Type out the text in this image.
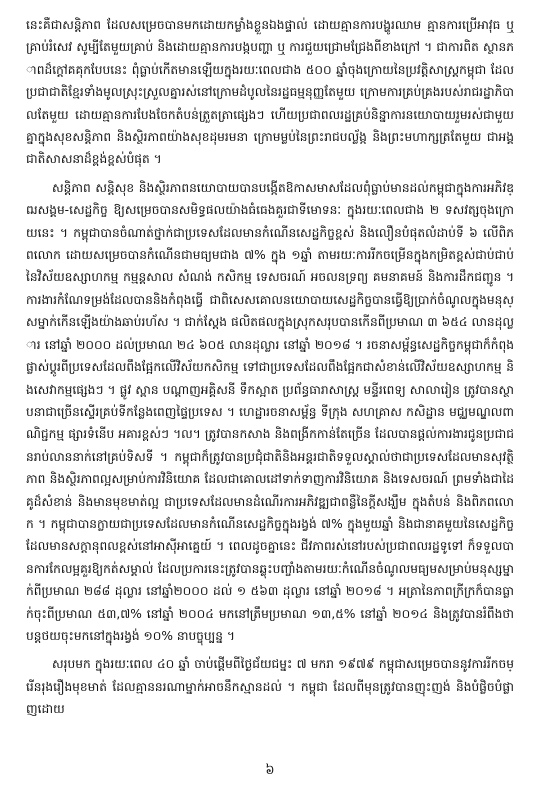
នេះគឺជាសន្តិភាព ដែលសម្រេចបានមកដោយកម្លាំងខ្លួនឯងផ្ទាល់ ដោយគ្មានការបង្ហូរឈាម គ្មានការប្រើអាវុធ ឬ គ្រាប់រំសេវ សូម្បីតែមួយគ្រាប់ និងដោយគ្មានការបង្កបញ្ហា ឬ ការជួយជ្រោមជ្រែងពីខាងក្រៅ ។ ជាការពិត ស្ថានភាពដ៏ក្តៅគគុកបែបនេះ ពុំធ្លាប់កើតមានឡើយក្នុងរយៈពេលជាង ៥០០ ឆ្នាំចុងក្រោយនៃប្រវត្តិសាស្ត្រកម្ពុជា ដែលប្រជាជាតិខ្មែរទាំងមូលស្រុះស្រួលគ្នារស់នៅក្រោមដំបូលនៃរដ្ឋធម្មនុញ្ញតែមួយ ក្រោមការគ្រប់គ្រងរបស់រាជរដ្ឋាភិបាលតែមួយ ដោយគ្មានការបែងចែកតំបន់ត្រួតត្រាផ្សេងៗ ហើយប្រជាពលរដ្ឋគ្រប់និន្នាការនយោបាយរួមរស់ជាមួយគ្នាក្នុងសុខសន្តិភាព និងស្ថិរភាពយ៉ាងសុខដុមរមនា ក្រោមម្លប់នៃព្រះរាជបល្ល័ង្ក និងព្រះមហាក្សត្រតែមួយ ជាអង្គជាតិសាសនាដ៏ខ្ពង់ខ្ពស់បំផុត ។

សន្តិភាព សន្តិសុខ និងស្ថិរភាពនយោបាយបានបង្កើតឱកាសមាសដែលពុំធ្លាប់មានដល់កម្ពុជាក្នុងការអភិវឌ្ឍសង្គម-សេដ្ឋកិច្ច ឱ្យសម្រេចបានសមិទ្ធផលយ៉ាងធំធេងគួរជាទីមោទនៈ ក្នុងរយៈពេលជាង ២ ទសវត្សចុងក្រោយនេះ ។ កម្ពុជាបានចំណាត់ថ្នាក់ជាប្រទេសដែលមានកំណើនសេដ្ឋកិច្ចខ្ពស់ និងលឿនបំផុតលំដាប់ទី ៦ លើពិភពលោក ដោយសម្រេចបានកំណើនជាមធ្យមជាង ៧% ក្នុង ១ឆ្នាំ តាមរយៈការរីកចម្រើនក្នុងកម្រិតខ្ពស់ជាប់ជាប់នៃវិស័យឧស្សាហកម្ម កម្មន្តសាល សំណង់ កសិកម្ម ទេសចរណ៍ អចលនទ្រព្យ គមនាគមន៍ និងការដឹកជញ្ជូន ។ ការងារកំណែទម្រង់ដែលបាននិងកំពុងធ្វើ ជាពិសេសគោលនយោបាយសេដ្ឋកិច្ចបានធ្វើឱ្យប្រាក់ចំណូលក្នុងមនុស្សម្នាក់កើនឡើងយ៉ាងឆាប់រហ័ស ។ ជាក់ស្តែង ផលិតផលក្នុងស្រុកសរុបបានកើនពីប្រមាណ ៣ ៦៥៤ លានដុល្លារ នៅឆ្នាំ ២០០០ ដល់ប្រមាណ ២៤ ៦០៥ លានដុល្លារ នៅឆ្នាំ ២០១៨ ។ រចនាសម្ព័ន្ធសេដ្ឋកិច្ចកម្ពុជាក៏កំពុងផ្លាស់ប្តូរពីប្រទេសដែលពឹងផ្អែកលើវិស័យកសិកម្ម ទៅជាប្រទេសដែលពឹងផ្អែកជាសំខាន់លើវិស័យឧស្សាហកម្ម និងសេវាកម្មផ្សេងៗ ។ ផ្លូវ ស្ពាន បណ្តាញអគ្គិសនី ទឹកស្អាត ប្រព័ន្ធធារាសាស្ត្រ មន្ទីរពេទ្យ សាលារៀន ត្រូវបានស្ថាបនាជាច្រើនស្ទើរគ្រប់ទីកន្លែងពេញផ្ទៃប្រទេស ។ ហេដ្ឋារចនាសម្ព័ន្ធ ទីក្រុង សហគ្រាស កសិដ្ឋាន មជ្ឈមណ្ឌលពាណិជ្ជកម្ម ផ្សារទំនើប អគារខ្ពស់ៗ ។ល។ ត្រូវបានកសាង និងពង្រីកកាន់តែច្រើន ដែលបានផ្តល់ការងារជូនប្រជាជនរាប់លាននាក់នៅគ្រប់ទិសទី ។ កម្ពុជាក៏ត្រូវបានប្រជុំជាតិនិងអន្តរជាតិទទួលស្គាល់ថាជាប្រទេសដែលមានសុវត្ថិភាព និងស្ថិរភាពល្អសម្រាប់ការវិនិយោគ ដែលជាគោលដៅទាក់ទាញការវិនិយោគ និងទេសចរណ៍ ព្រមទាំងជាដៃគូដ៏សំខាន់ និងមានមុខមាត់ល្អ ជាប្រទេសដែលមានដំណើរការអភិវឌ្ឍជាពន្លឺនៃក្តីសង្ឃឹម ក្នុងតំបន់ និងពិភពលោក ។ កម្ពុជាបានក្លាយជាប្រទេសដែលមានកំណើនសេដ្ឋកិច្ចក្នុងរង្វង់ ៧% ក្នុងមួយឆ្នាំ និងជានាគមួយនៃសេដ្ឋកិច្ចដែលមានសក្តានុពលខ្ពស់នៅអាស៊ីអាគ្នេយ៍ ។ ពេលដូចគ្នានេះ ជីវភាពរស់នៅរបស់ប្រជាពលរដ្ឋទូទៅ ក៏ទទួលបានការកែលម្អគួរឱ្យកត់សម្គាល់ ដែលប្រការនេះត្រូវបានឆ្លុះបញ្ចាំងតាមរយៈកំណើនចំណូលមធ្យមសម្រាប់មនុស្សម្នាក់ពីប្រមាណ ២៨៨ ដុល្លារ នៅឆ្នាំ២០០០ ដល់ ១ ៥៦៣ ដុល្លារ នៅឆ្នាំ ២០១៨ ។ អត្រានៃភាពក្រីក្រក៏បានធ្លាក់ចុះពីប្រមាណ ៥៣,៧% នៅឆ្នាំ ២០០៤ មកនៅត្រឹមប្រមាណ ១៣,៥% នៅឆ្នាំ ២០១៤ និងត្រូវបានរំពឹងថា បន្តថយចុះមកនៅក្នុងរង្វង់ ១០% នាបច្ចុប្បន្ន ។

សរុបមក ក្នុងរយៈពេល ៤០ ឆ្នាំ ចាប់ផ្តើមពីថ្ងៃជ័យជម្នះ ៧ មករា ១៩៧៩ កម្ពុជាសម្រេចបាននូវការរីកចម្រើនរុងរឿងមុខមាត់ ដែលគ្មាននរណាម្នាក់អាចនឹកស្មានដល់ ។ កម្ពុជា ដែលពីមុនត្រូវបានញុះញង់ និងបំផ្លិចបំផ្លាញដោយ

៦
